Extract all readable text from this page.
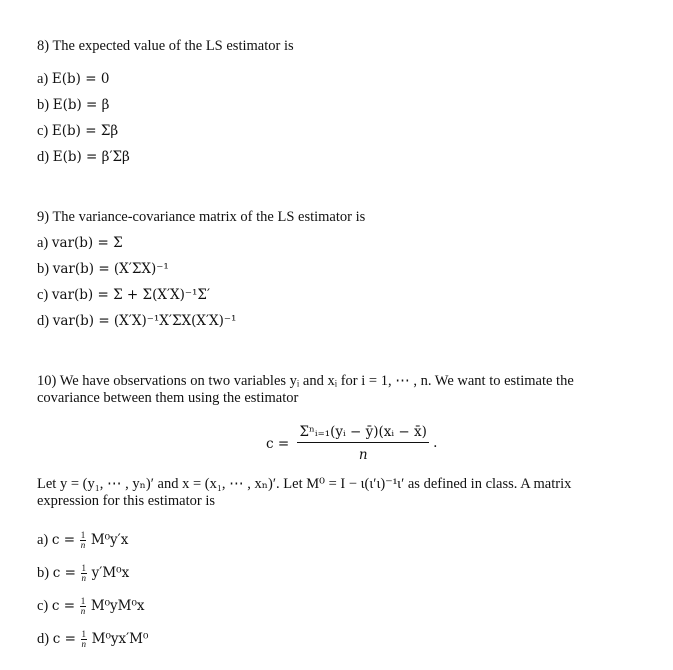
8) The expected value of the LS estimator is
a) E(b) = 0
b) E(b) = β
c) E(b) = Σβ
d) E(b) = β′Σβ
9) The variance-covariance matrix of the LS estimator is
a) var(b) = Σ
b) var(b) = (X′ΣX)⁻¹
c) var(b) = Σ + Σ(X′X)⁻¹Σ′
d) var(b) = (X′X)⁻¹X′ΣX(X′X)⁻¹
10) We have observations on two variables yᵢ and xᵢ for i = 1, ⋯ , n. We want to estimate the
covariance between them using the estimator
c =
Σⁿᵢ₌₁(yᵢ − ȳ)(xᵢ − x̄)
n
.
Let y = (y₁, ⋯ , yₙ)′ and x = (x₁, ⋯ , xₙ)′. Let M⁰ = I − ι(ι′ι)⁻¹ι′ as defined in class. A matrix
expression for this estimator is
a) $c = \frac{1}{n} M^0y'x$
b) $c = \frac{1}{n} y'M^0x$
c) $c = \frac{1}{n} M^0yM^0x$
d) $c = \frac{1}{n} M^0yx'M^0$
